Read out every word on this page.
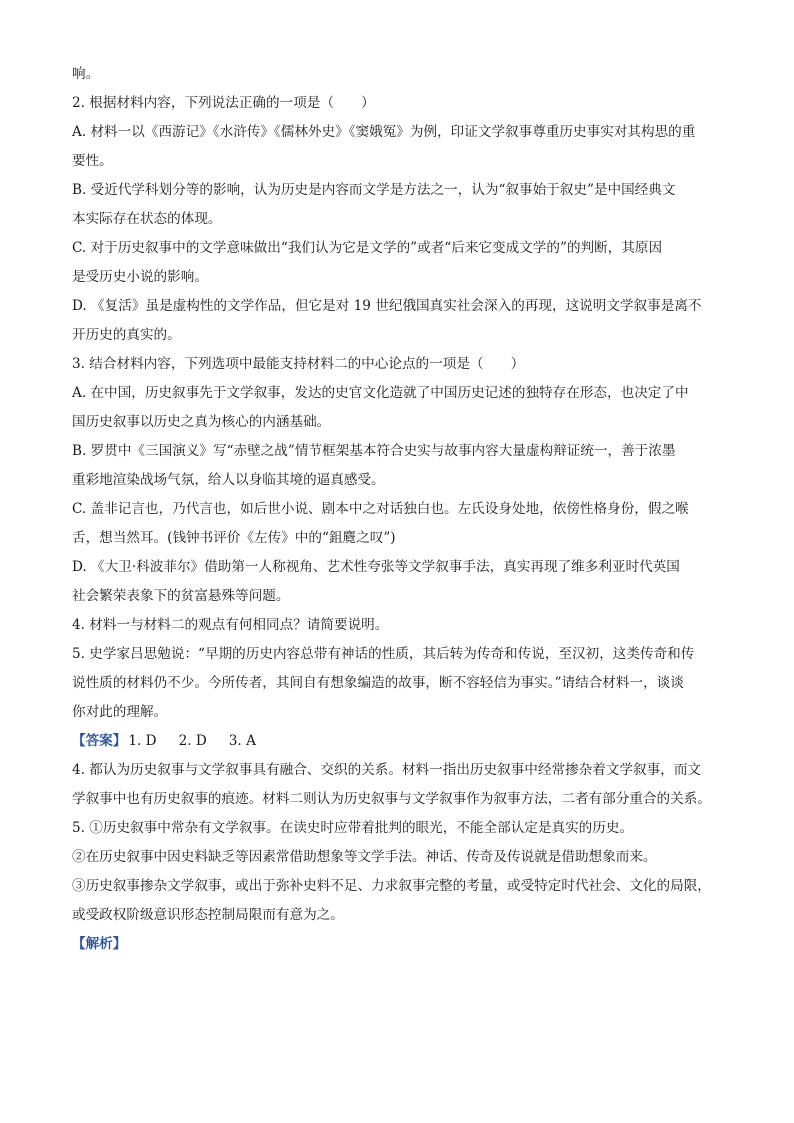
响。
2. 根据材料内容，下列说法正确的一项是（　　）
A. 材料一以《西游记》《水浒传》《儒林外史》《窦娥冤》为例，印证文学叙事尊重历史事实对其构思的重
要性。
B. 受近代学科划分等的影响，认为历史是内容而文学是方法之一，认为“叙事始于叙史”是中国经典文
本实际存在状态的体现。
C. 对于历史叙事中的文学意味做出“我们认为它是文学的”或者“后来它变成文学的”的判断，其原因
是受历史小说的影响。
D. 《复活》虽是虚构性的文学作品，但它是对 19 世纪俄国真实社会深入的再现，这说明文学叙事是离不
开历史的真实的。
3. 结合材料内容，下列选项中最能支持材料二的中心论点的一项是（　　）
A. 在中国，历史叙事先于文学叙事，发达的史官文化造就了中国历史记述的独特存在形态，也决定了中
国历史叙事以历史之真为核心的内涵基础。
B. 罗贯中《三国演义》写“赤壁之战”情节框架基本符合史实与故事内容大量虚构辩证统一，善于浓墨
重彩地渲染战场气氛，给人以身临其境的逼真感受。
C. 盖非记言也，乃代言也，如后世小说、剧本中之对话独白也。左氏设身处地，依傍性格身份，假之喉
舌，想当然耳。(钱钟书评价《左传》中的“鉏麑之叹”)
D. 《大卫·科波菲尔》借助第一人称视角、艺术性夸张等文学叙事手法，真实再现了维多利亚时代英国
社会繁荣表象下的贫富悬殊等问题。
4. 材料一与材料二的观点有何相同点？请简要说明。
5. 史学家吕思勉说：“早期的历史内容总带有神话的性质，其后转为传奇和传说，至汉初，这类传奇和传
说性质的材料仍不少。今所传者，其间自有想象编造的故事，断不容轻信为事实。”请结合材料一，谈谈
你对此的理解。
【答案】 1. D 2. D 3. A
4. 都认为历史叙事与文学叙事具有融合、交织的关系。材料一指出历史叙事中经常掺杂着文学叙事，而文
学叙事中也有历史叙事的痕迹。材料二则认为历史叙事与文学叙事作为叙事方法，二者有部分重合的关系。
5. ①历史叙事中常杂有文学叙事。在读史时应带着批判的眼光，不能全部认定是真实的历史。
②在历史叙事中因史料缺乏等因素常借助想象等文学手法。神话、传奇及传说就是借助想象而来。
③历史叙事掺杂文学叙事，或出于弥补史料不足、力求叙事完整的考量，或受特定时代社会、文化的局限，
或受政权阶级意识形态控制局限而有意为之。
【解析】
